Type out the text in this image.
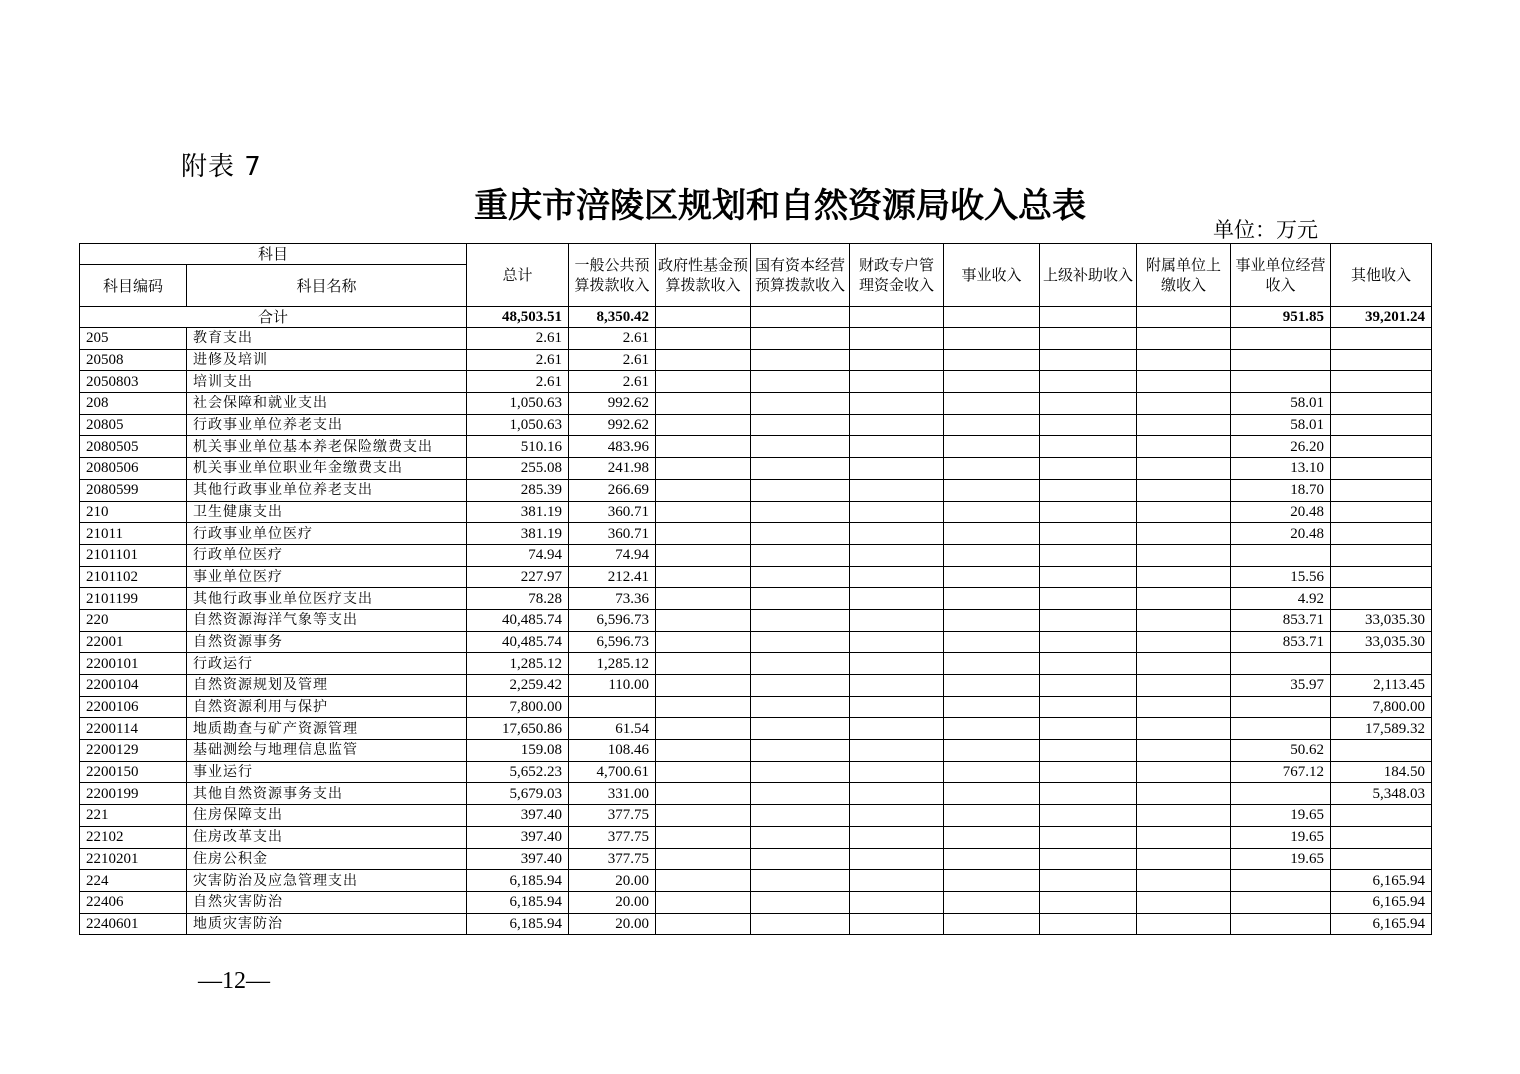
附表 7
重庆市涪陵区规划和自然资源局收入总表
单位：万元
科目		总计	一般公共预算拨款收入	政府性基金预算拨款收入	国有资本经营预算拨款收入	财政专户管理资金收入	事业收入	上级补助收入	附属单位上缴收入	事业单位经营收入	其他收入
科目编码	科目名称										
合计		48,503.51	8,350.42							951.85	39,201.24
205	教育支出	2.61	2.61								
20508	进修及培训	2.61	2.61								
2050803	培训支出	2.61	2.61								
208	社会保障和就业支出	1,050.63	992.62							58.01	
20805	行政事业单位养老支出	1,050.63	992.62							58.01	
2080505	机关事业单位基本养老保险缴费支出	510.16	483.96							26.20	
2080506	机关事业单位职业年金缴费支出	255.08	241.98							13.10	
2080599	其他行政事业单位养老支出	285.39	266.69							18.70	
210	卫生健康支出	381.19	360.71							20.48	
21011	行政事业单位医疗	381.19	360.71							20.48	
2101101	行政单位医疗	74.94	74.94								
2101102	事业单位医疗	227.97	212.41							15.56	
2101199	其他行政事业单位医疗支出	78.28	73.36							4.92	
220	自然资源海洋气象等支出	40,485.74	6,596.73							853.71	33,035.30
22001	自然资源事务	40,485.74	6,596.73							853.71	33,035.30
2200101	行政运行	1,285.12	1,285.12								
2200104	自然资源规划及管理	2,259.42	110.00							35.97	2,113.45
2200106	自然资源利用与保护	7,800.00									7,800.00
2200114	地质勘查与矿产资源管理	17,650.86	61.54								17,589.32
2200129	基础测绘与地理信息监管	159.08	108.46							50.62	
2200150	事业运行	5,652.23	4,700.61							767.12	184.50
2200199	其他自然资源事务支出	5,679.03	331.00								5,348.03
221	住房保障支出	397.40	377.75							19.65	
22102	住房改革支出	397.40	377.75							19.65	
2210201	住房公积金	397.40	377.75							19.65	
224	灾害防治及应急管理支出	6,185.94	20.00								6,165.94
22406	自然灾害防治	6,185.94	20.00								6,165.94
2240601	地质灾害防治	6,185.94	20.00								6,165.94
—12—
